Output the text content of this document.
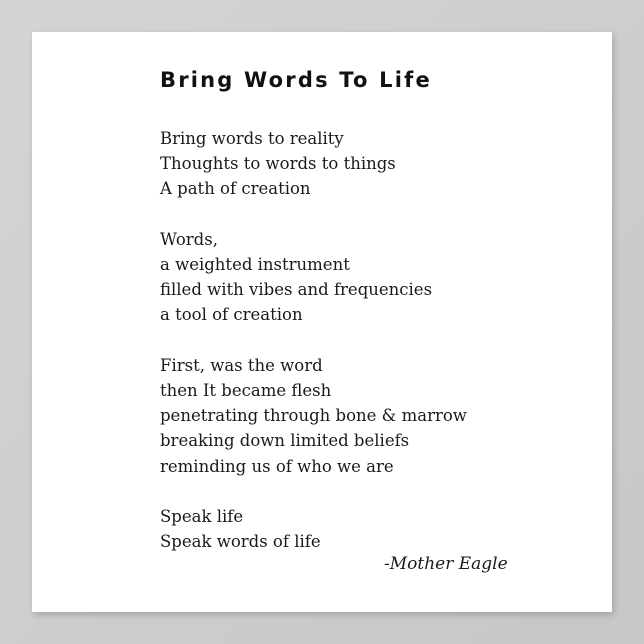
Bring Words To Life

Bring words to reality
Thoughts to words to things
A path of creation

Words,
a weighted instrument
filled with vibes and frequencies
a tool of creation

First, was the word
then It became flesh
penetrating through bone & marrow
breaking down limited beliefs
reminding us of who we are

Speak life
Speak words of life

-Mother Eagle
